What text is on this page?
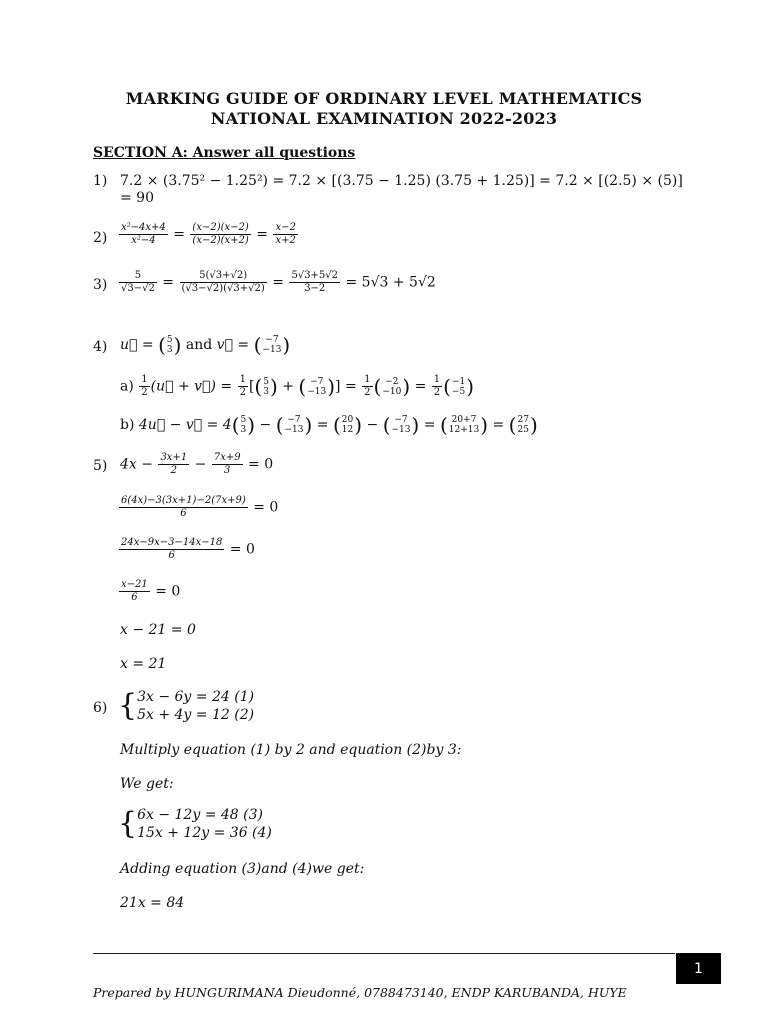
MARKING GUIDE OF ORDINARY LEVEL MATHEMATICS
NATIONAL EXAMINATION 2022-2023
SECTION A: Answer all questions
1) 7.2 × (3.75² − 1.25²) = 7.2 × [(3.75 − 1.25) (3.75 + 1.25)] = 7.2 × [(2.5) × (5)]
= 90
$2) \frac{\text{x²−4x+4}}{\text{x²−4}} = \frac{(x-2)(x-2)}{(x-2)(x+2)} = \frac{x-2}{x+2}$
$3) \frac{5}{√3-√2} = \frac{5(√3+√2)}{(√3-√2)(√3+√2)} = \frac{5√3+5√2}{3-2} = 5√3 + 5√2$
4) u⃗ = ( 5
3 ) and v⃗ = ( −7
−13 )
$a) \frac{1}{2}$ (u⃗ + v⃗) = $\frac{1}{2}$ [( 5
3 ) + ( −7
−13 )] = $\frac{1}{2}$ ( −2
−10 ) = $\frac{1}{2}$ ( −1
−5 )
b) 4u⃗ − v⃗ = 4( 5
3 ) − ( −7
−13 ) = ( 20
12 ) − ( −7
−13 ) = ( 20+7
12+13 ) = ( 27
25 )
5) $4x - \frac{3x+1}{2} - \frac{7x+9}{3} = 0$
$\frac{6(4x)-3(3x+1)-2(7x+9)}{6} = 0$
$\frac{24x-9x-3-14x-18}{6} = 0$
$\frac{x-21}{6} = 0$
x − 21 = 0
x = 21
6) { 3x − 6y = 24 (1)
5x + 4y = 12 (2)
Multiply equation (1) by 2 and equation (2)by 3:
We get:
{ 6x − 12y = 48 (3)
15x + 12y = 36 (4)
Adding equation (3)and (4)we get:
21x = 84
1
Prepared by HUNGURIMANA Dieudonné, 0788473140, ENDP KARUBANDA, HUYE
